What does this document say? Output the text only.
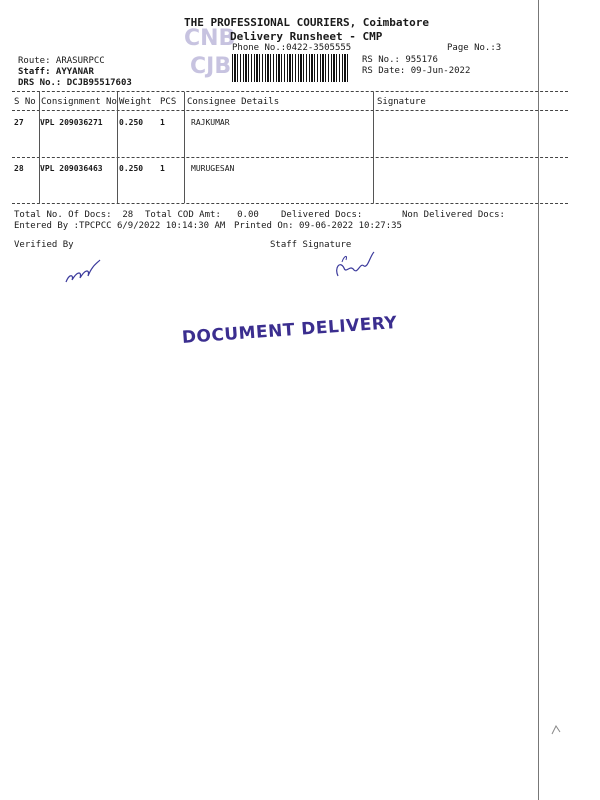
CNB
CJB
THE PROFESSIONAL COURIERS, Coimbatore
Delivery Runsheet - CMP
Phone No.:0422-3505555	Page No.:3
Route: ARASURPCC
Staff: AYYANAR
DRS No.: DCJB95517603
RS No.: 955176
RS Date: 09-Jun-2022
S No Consignment No Weight PCS Consignee Details	Signature
27 VPL 209036271 0.250 1	RAJKUMAR
28 VPL 209036463 0.250 1	MURUGESAN
Total No. Of Docs:  28 Total COD Amt:   0.00 Delivered Docs:	Non Delivered Docs:
Entered By :TPCPCC 6/9/2022 10:14:30 AM Printed On: 09-06-2022 10:27:35
Verified By	Staff Signature
DOCUMENT DELIVERY
